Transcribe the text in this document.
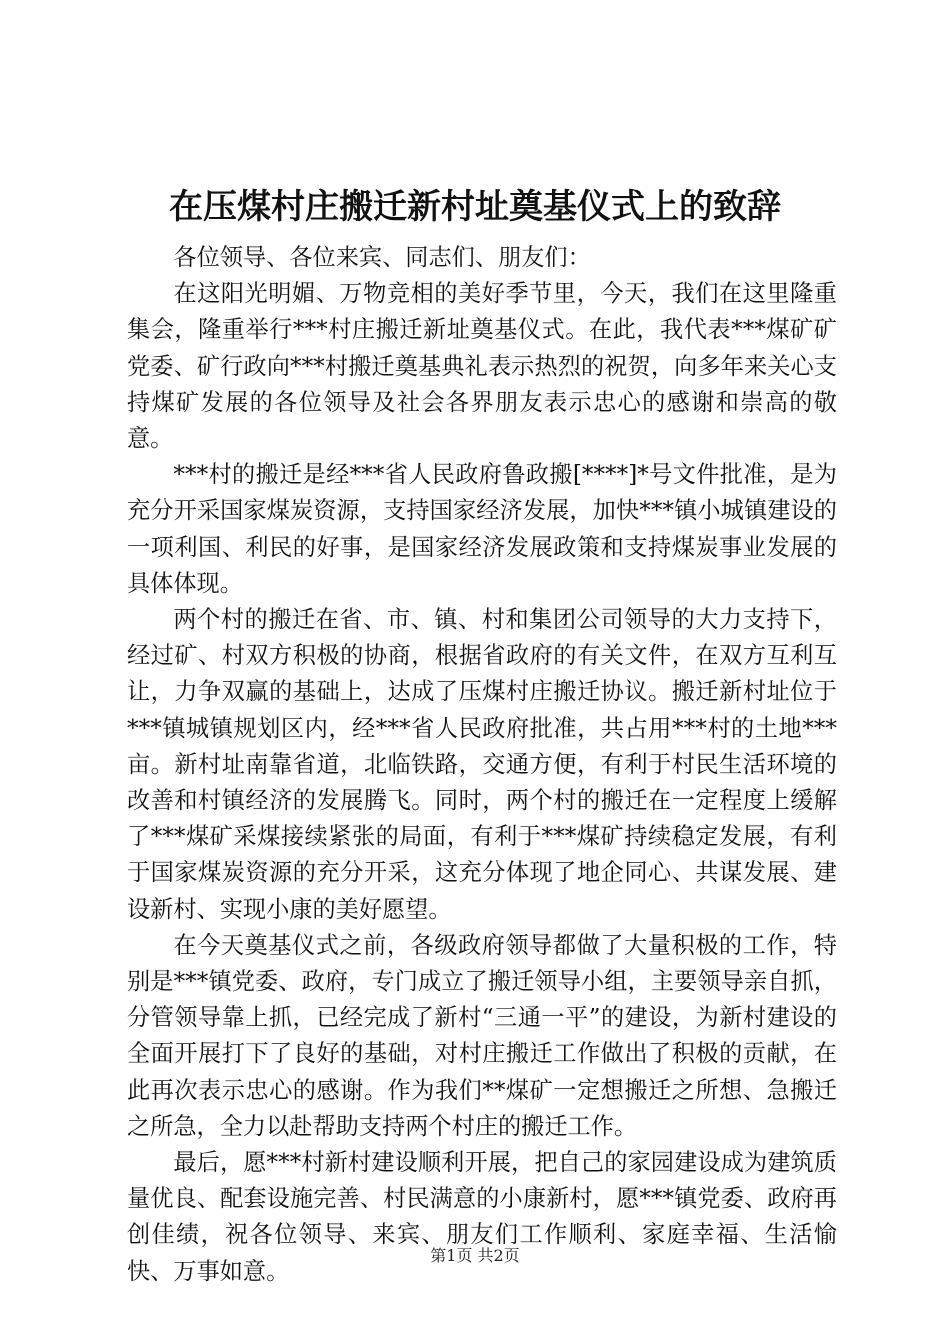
在压煤村庄搬迁新村址奠基仪式上的致辞

各位领导、各位来宾、同志们、朋友们：

在这阳光明媚、万物竞相的美好季节里，今天，我们在这里隆重集会，隆重举行***村庄搬迁新址奠基仪式。在此，我代表***煤矿矿党委、矿行政向***村搬迁奠基典礼表示热烈的祝贺，向多年来关心支持煤矿发展的各位领导及社会各界朋友表示忠心的感谢和崇高的敬意。

***村的搬迁是经***省人民政府鲁政搬[****]*号文件批准，是为充分开采国家煤炭资源，支持国家经济发展，加快***镇小城镇建设的一项利国、利民的好事，是国家经济发展政策和支持煤炭事业发展的具体体现。

两个村的搬迁在省、市、镇、村和集团公司领导的大力支持下，经过矿、村双方积极的协商，根据省政府的有关文件，在双方互利互让，力争双赢的基础上，达成了压煤村庄搬迁协议。搬迁新村址位于***镇城镇规划区内，经***省人民政府批准，共占用***村的土地***亩。新村址南靠省道，北临铁路，交通方便，有利于村民生活环境的改善和村镇经济的发展腾飞。同时，两个村的搬迁在一定程度上缓解了***煤矿采煤接续紧张的局面，有利于***煤矿持续稳定发展，有利于国家煤炭资源的充分开采，这充分体现了地企同心、共谋发展、建设新村、实现小康的美好愿望。

在今天奠基仪式之前，各级政府领导都做了大量积极的工作，特别是***镇党委、政府，专门成立了搬迁领导小组，主要领导亲自抓，分管领导靠上抓，已经完成了新村“三通一平”的建设，为新村建设的全面开展打下了良好的基础，对村庄搬迁工作做出了积极的贡献，在此再次表示忠心的感谢。作为我们**煤矿一定想搬迁之所想、急搬迁之所急，全力以赴帮助支持两个村庄的搬迁工作。

最后，愿***村新村建设顺利开展，把自己的家园建设成为建筑质量优良、配套设施完善、村民满意的小康新村，愿***镇党委、政府再创佳绩，祝各位领导、来宾、朋友们工作顺利、家庭幸福、生活愉快、万事如意。

第1页 共2页
